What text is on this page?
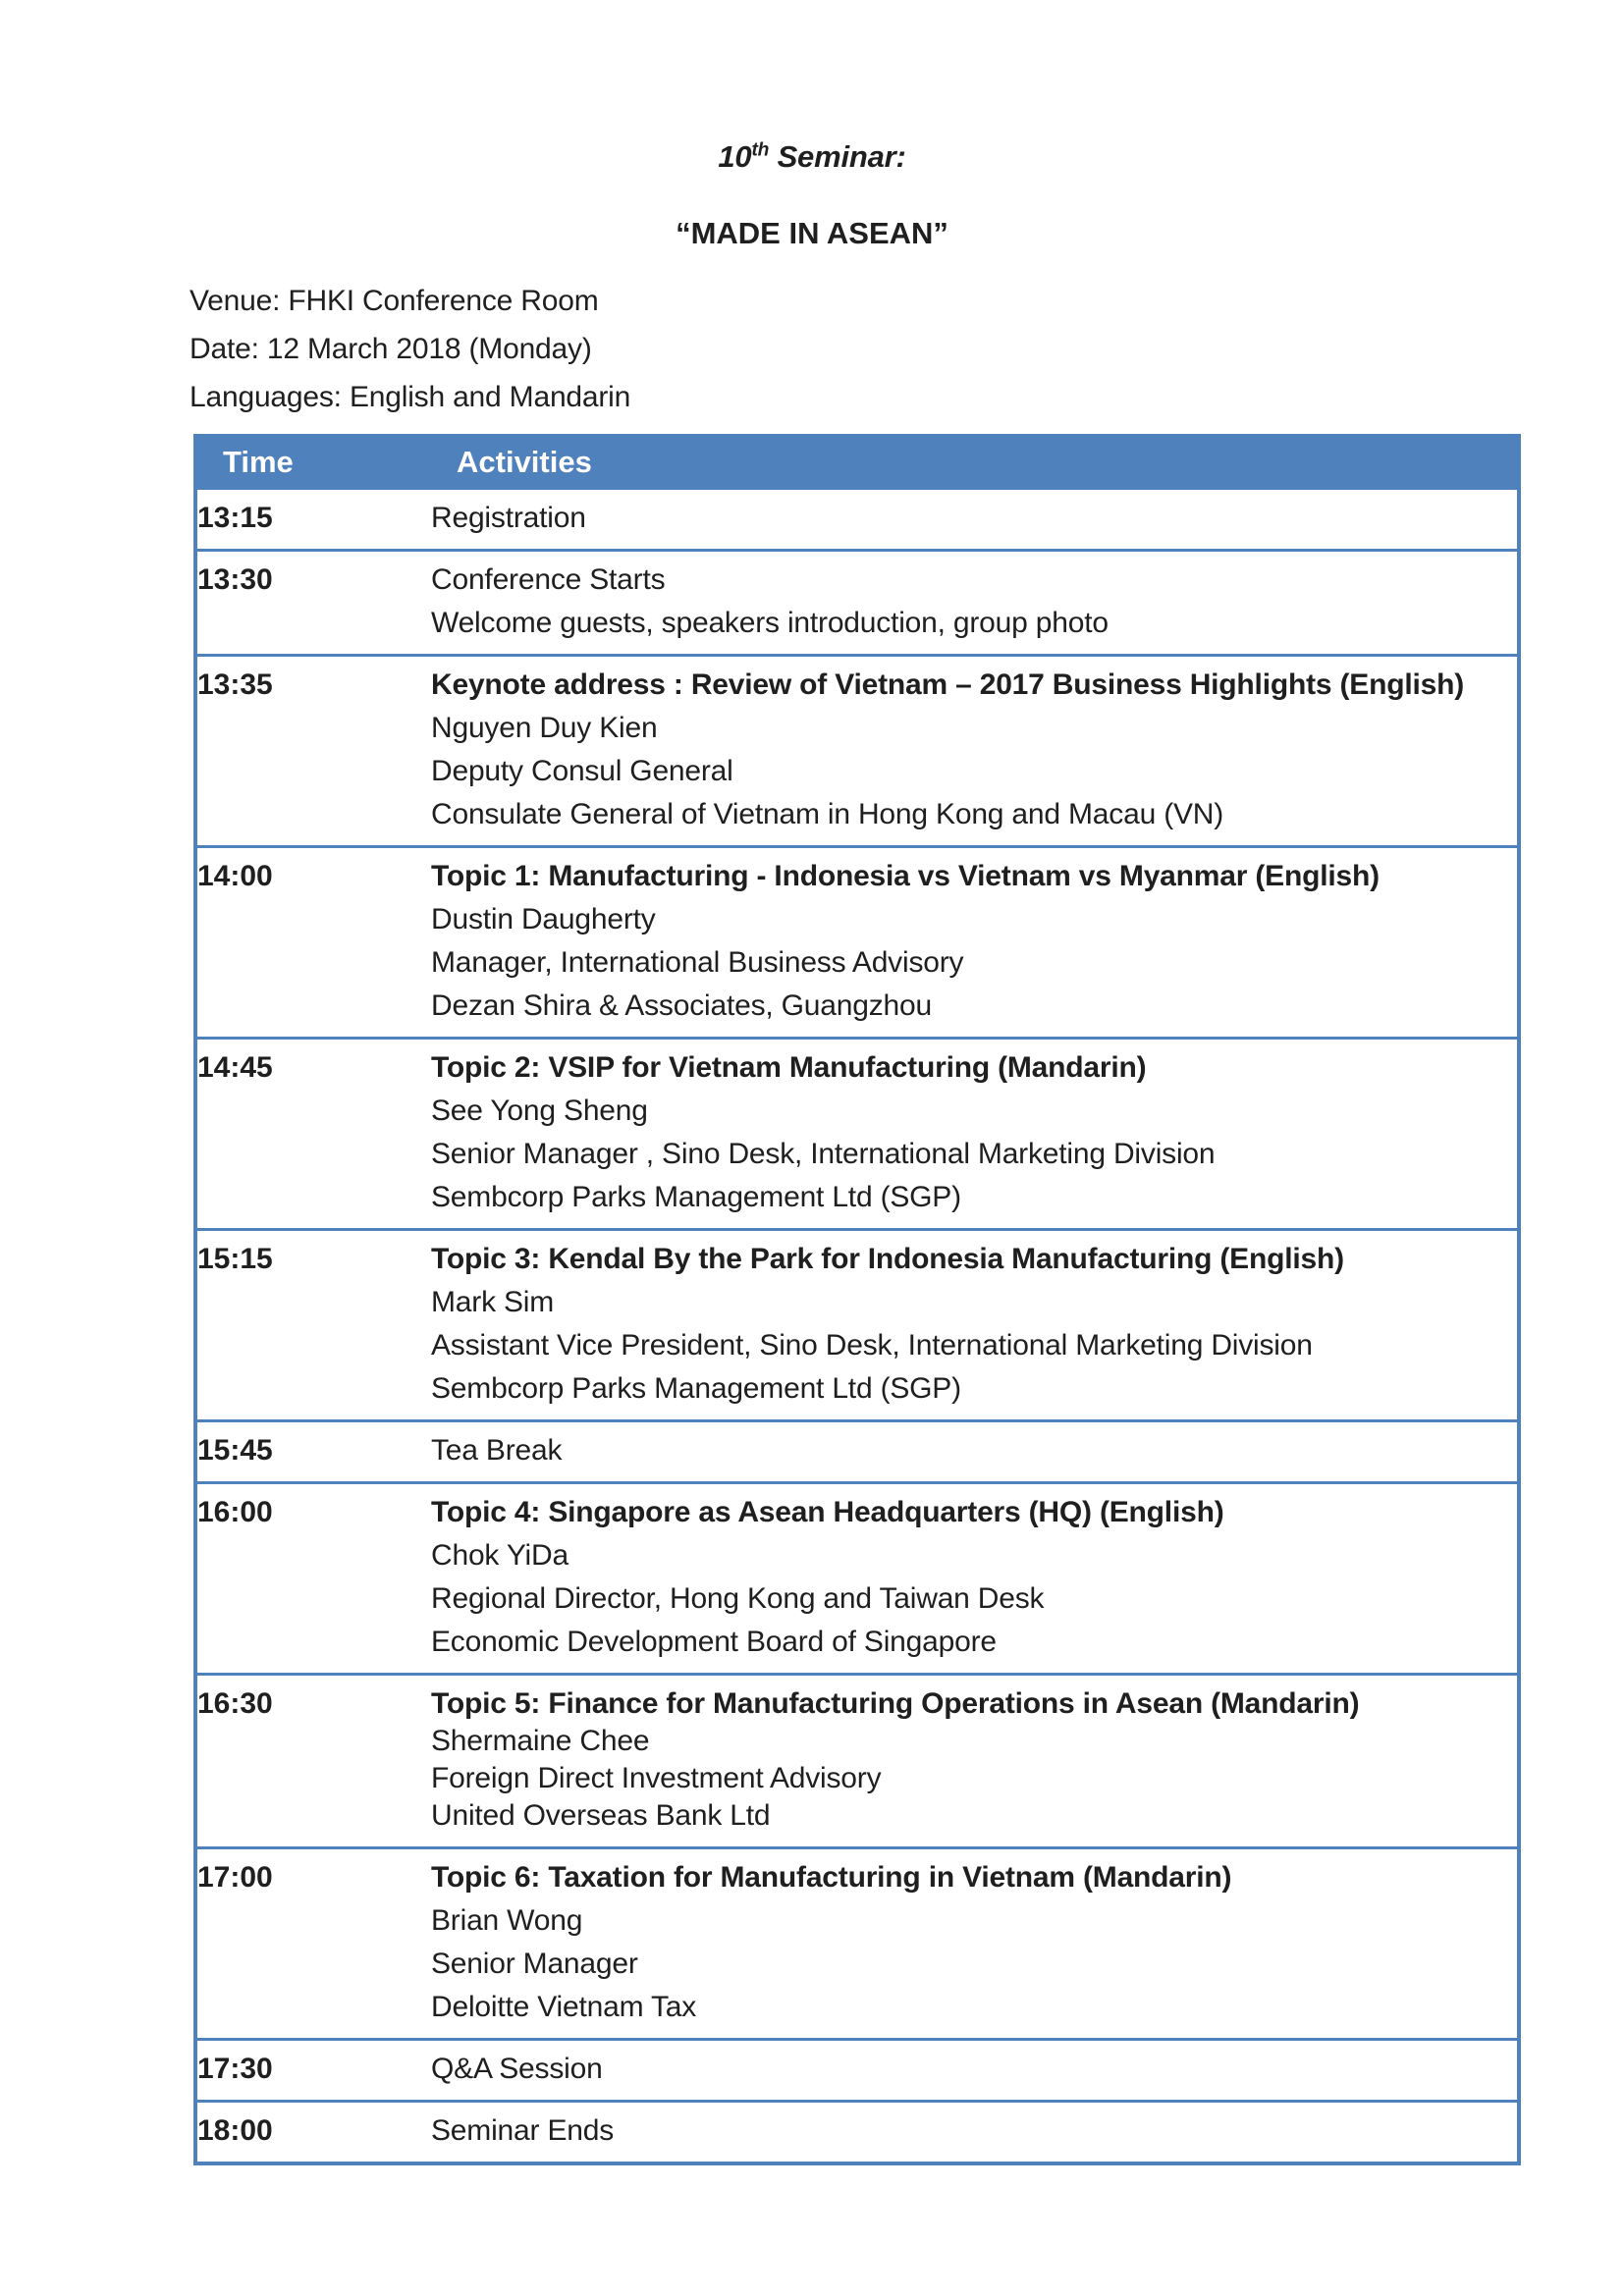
10th Seminar:
“MADE IN ASEAN”
Venue: FHKI Conference Room
Date: 12 March 2018 (Monday)
Languages: English and Mandarin
Time	Activities
13:15	Registration

13:30	Conference Starts
Welcome guests, speakers introduction, group photo

13:35	Keynote address : Review of Vietnam – 2017 Business Highlights (English)
Nguyen Duy Kien
Deputy Consul General
Consulate General of Vietnam in Hong Kong and Macau (VN)

14:00	Topic 1: Manufacturing - Indonesia vs Vietnam vs Myanmar (English)
Dustin Daugherty
Manager, International Business Advisory
Dezan Shira & Associates, Guangzhou

14:45	Topic 2: VSIP for Vietnam Manufacturing (Mandarin)
See Yong Sheng
Senior Manager , Sino Desk, International Marketing Division
Sembcorp Parks Management Ltd (SGP)

15:15	Topic 3: Kendal By the Park for Indonesia Manufacturing (English)
Mark Sim
Assistant Vice President, Sino Desk, International Marketing Division
Sembcorp Parks Management Ltd (SGP)

15:45	Tea Break

16:00	Topic 4: Singapore as Asean Headquarters (HQ) (English)
Chok YiDa
Regional Director, Hong Kong and Taiwan Desk
Economic Development Board of Singapore

16:30	Topic 5: Finance for Manufacturing Operations in Asean (Mandarin)
Shermaine Chee
Foreign Direct Investment Advisory
United Overseas Bank Ltd

17:00	Topic 6: Taxation for Manufacturing in Vietnam (Mandarin)
Brian Wong
Senior Manager
Deloitte Vietnam Tax

17:30	Q&A Session

18:00	Seminar Ends
